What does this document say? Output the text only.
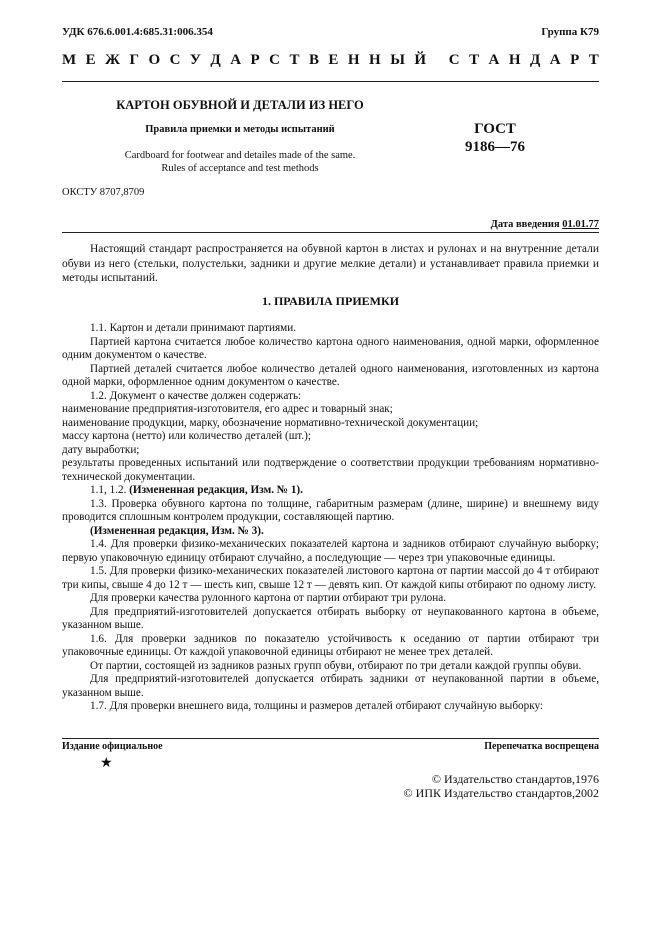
УДК 676.6.001.4:685.31:006.354	Группа К79
М Е Ж Г О С У Д А Р С Т В Е Н Н Ы Й
С Т А Н Д А Р Т
КАРТОН ОБУВНОЙ И ДЕТАЛИ ИЗ НЕГО
Правила приемки и методы испытаний
Cardboard for footwear and detailes made of the same.
Rules of acceptance and test methods
ГОСТ
9186—76
ОКСТУ 8707,8709
Дата введения 01.01.77
Настоящий стандарт распространяется на обувной картон в листах и рулонах и на внутренние детали обуви из него (стельки, полустельки, задники и другие мелкие детали) и устанавливает правила приемки и методы испытаний.
1. ПРАВИЛА ПРИЕМКИ

1.1. Картон и детали принимают партиями.

Партией картона считается любое количество картона одного наименования, одной марки, оформленное одним документом о качестве.

Партией деталей считается любое количество деталей одного наименования, изготовленных из картона одной марки, оформленное одним документом о качестве.

1.2. Документ о качестве должен содержать:

наименование предприятия-изготовителя, его адрес и товарный знак;

наименование продукции, марку, обозначение нормативно-технической документации;

массу картона (нетто) или количество деталей (шт.);

дату выработки;

результаты проведенных испытаний или подтверждение о соответствии продукции требованиям нормативно-технической документации.

1.1, 1.2. (Измененная редакция, Изм. № 1).

1.3. Проверка обувного картона по толщине, габаритным размерам (длине, ширине) и внешнему виду проводится сплошным контролем продукции, составляющей партию.

(Измененная редакция, Изм. № 3).

1.4. Для проверки физико-механических показателей картона и задников отбирают случайную выборку; первую упаковочную единицу отбирают случайно, а последующие — через три упаковочные единицы.

1.5. Для проверки физико-механических показателей листового картона от партии массой до 4 т отбирают три кипы, свыше 4 до 12 т — шесть кип, свыше 12 т — девять кип. От каждой кипы отбирают по одному листу.

Для проверки качества рулонного картона от партии отбирают три рулона.

Для предприятий-изготовителей допускается отбирать выборку от неупакованного картона в объеме, указанном выше.

1.6. Для проверки задников по показателю устойчивость к оседанию от партии отбирают три упаковочные единицы. От каждой упаковочной единицы отбирают не менее трех деталей.

От партии, состоящей из задников разных групп обуви, отбирают по три детали каждой группы обуви.

Для предприятий-изготовителей допускается отбирать задники от неупакованной партии в объеме, указанном выше.

1.7. Для проверки внешнего вида, толщины и размеров деталей отбирают случайную выборку:

Издание официальное	Перепечатка воспрещена
★
© Издательство стандартов,1976
© ИПК Издательство стандартов,2002
